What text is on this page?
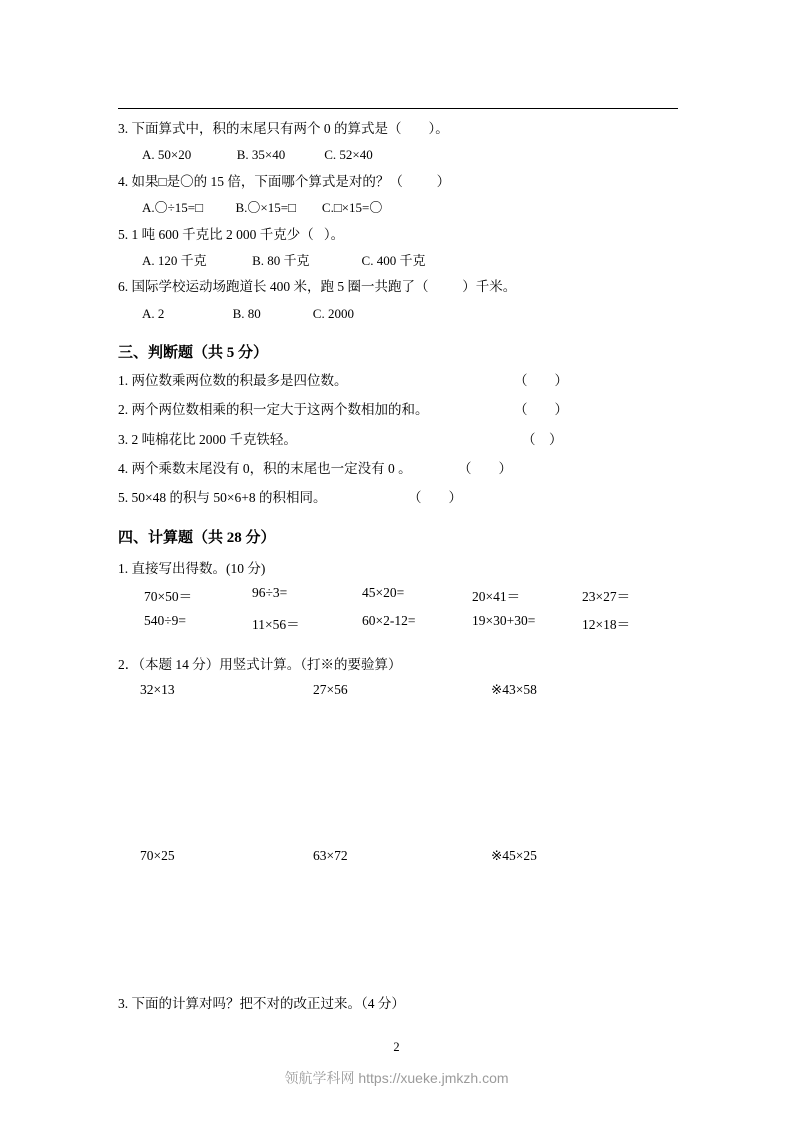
3. 下面算式中，积的末尾只有两个 0 的算式是（        ）。
A. 50×20              B. 35×40            C. 52×40
4. 如果□是〇的 15 倍，下面哪个算式是对的？（          ）
A.〇÷15=□          B.〇×15=□        C.□×15=〇
5. 1 吨 600 千克比 2 000 千克少（   ）。
A. 120 千克              B. 80 千克                C. 400 千克
6. 国际学校运动场跑道长 400 米，跑 5 圈一共跑了（          ）千米。
A. 2                     B. 80                C. 2000
三、判断题（共 5 分）
1. 两位数乘两位数的积最多是四位数。	（        ）
2. 两个两位数相乘的积一定大于这两个数相加的和。	（        ）
3. 2 吨棉花比 2000 千克铁轻。	（    ）
4. 两个乘数末尾没有 0，积的末尾也一定没有 0 。	（        ）
5. 50×48 的积与 50×6+8 的积相同。	（        ）
四、计算题（共 28 分）
1. 直接写出得数。(10 分)
70×50＝	96÷3=	45×20=	20×41＝	23×27＝
540÷9=	11×56＝	60×2-12=	19×30+30=	12×18＝
2．（本题 14 分）用竖式计算。（打※的要验算）
32×13	27×56	※43×58
70×25	63×72	※45×25
3. 下面的计算对吗？把不对的改正过来。（4 分）
2
领航学科网 https://xueke.jmkzh.com
